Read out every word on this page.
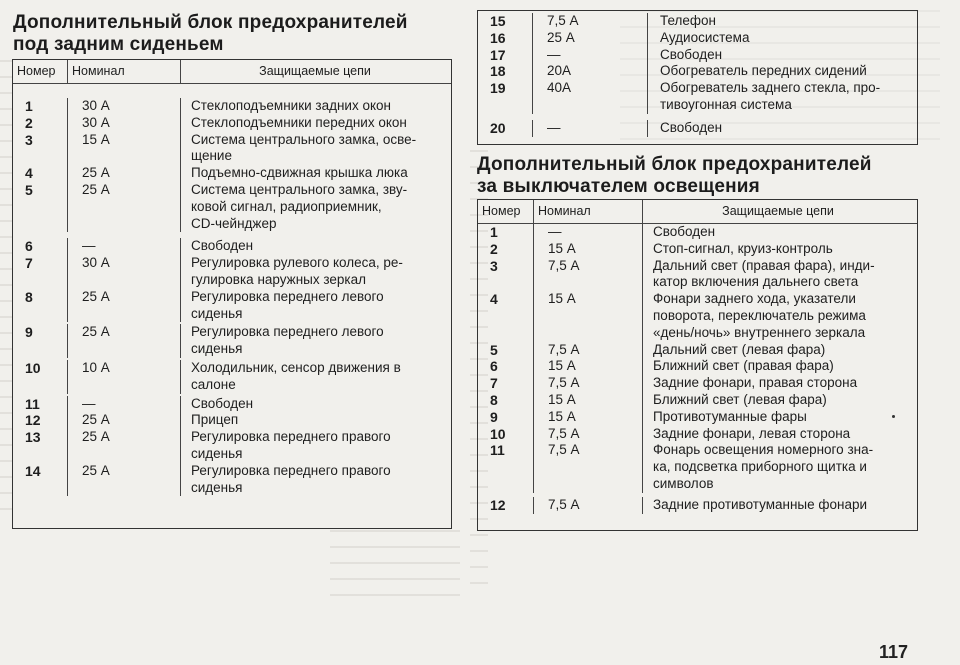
Дополнительный блок предохранителей
под задним сиденьем
Номер	Номинал	Защищаемые цепи
1	30 А	Стеклоподъемники задних окон
2	30 А	Стеклоподъемники передних окон
3	15 А	Система центрального замка, осве-
щение
4	25 А	Подъемно-сдвижная крышка люка
5	25 А	Система центрального замка, зву-
ковой сигнал, радиоприемник,
CD-чейнджер
6	—	Свободен
7	30 А	Регулировка рулевого колеса, ре-
гулировка наружных зеркал
8	25 А	Регулировка переднего левого
сиденья
9	25 А	Регулировка переднего левого
сиденья
10	10 А	Холодильник, сенсор движения в
салоне
11	—	Свободен
12	25 А	Прицеп
13	25 А	Регулировка переднего правого
сиденья
14	25 А	Регулировка переднего правого
сиденья
15	7,5 А	Телефон
16	25 А	Аудиосистема
17	—	Свободен
18	20А	Обогреватель передних сидений
19	40А	Обогреватель заднего стекла, про-
тивоугонная система
20	—	Свободен
Дополнительный блок предохранителей
за выключателем освещения
Номер	Номинал	Защищаемые цепи
1	—	Свободен
2	15 А	Стоп-сигнал, круиз-контроль
3	7,5 А	Дальний свет (правая фара), инди-
катор включения дальнего света
4	15 А	Фонари заднего хода, указатели
поворота, переключатель режима
«день/ночь» внутреннего зеркала
5	7,5 А	Дальний свет (левая фара)
6	15 А	Ближний свет (правая фара)
7	7,5 А	Задние фонари, правая сторона
8	15 А	Ближний свет (левая фара)
9	15 А	Противотуманные фары
10	7,5 А	Задние фонари, левая сторона
11	7,5 А	Фонарь освещения номерного зна-
ка, подсветка приборного щитка и
символов
12	7,5 А	Задние противотуманные фонари
117
